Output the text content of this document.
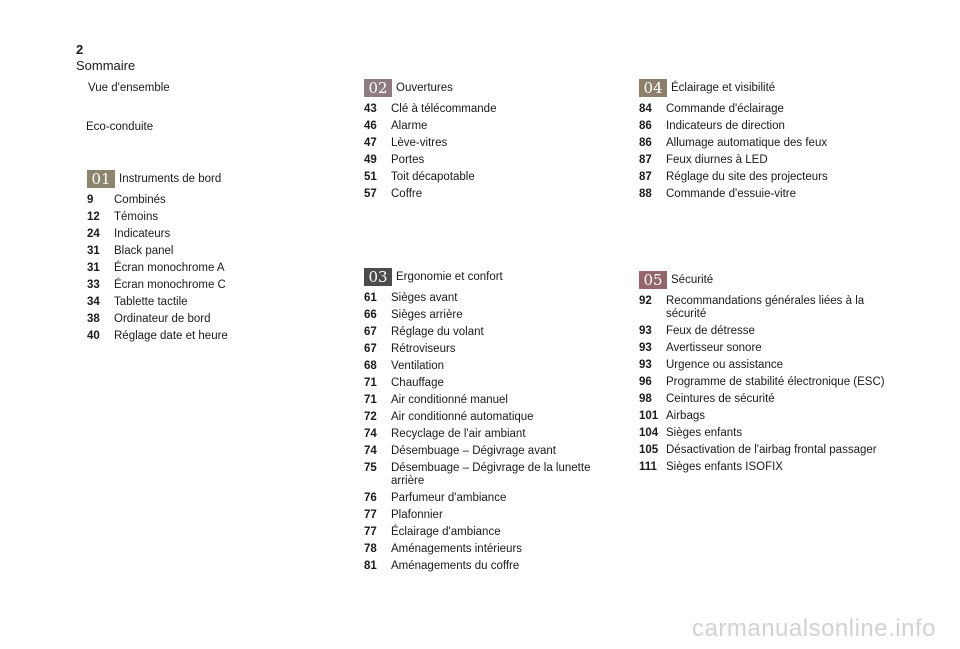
2
Sommaire
Vue d'ensemble
Eco-conduite
01 Instruments de bord
9	Combinés
12	Témoins
24	Indicateurs
31	Black panel
31	Écran monochrome A
33	Écran monochrome C
34	Tablette tactile
38	Ordinateur de bord
40	Réglage date et heure
02 Ouvertures
43	Clé à télécommande
46	Alarme
47	Lève-vitres
49	Portes
51	Toit décapotable
57	Coffre
03 Ergonomie et confort
61	Sièges avant
66	Sièges arrière
67	Réglage du volant
67	Rétroviseurs
68	Ventilation
71	Chauffage
71	Air conditionné manuel
72	Air conditionné automatique
74	Recyclage de l'air ambiant
74	Désembuage – Dégivrage avant
75	Désembuage – Dégivrage de la lunette arrière
76	Parfumeur d'ambiance
77	Plafonnier
77	Éclairage d'ambiance
78	Aménagements intérieurs
81	Aménagements du coffre
04 Éclairage et visibilité
84	Commande d'éclairage
86	Indicateurs de direction
86	Allumage automatique des feux
87	Feux diurnes à LED
87	Réglage du site des projecteurs
88	Commande d'essuie-vitre
05 Sécurité
92	Recommandations générales liées à la sécurité
93	Feux de détresse
93	Avertisseur sonore
93	Urgence ou assistance
96	Programme de stabilité électronique (ESC)
98	Ceintures de sécurité
101 Airbags
104 Sièges enfants
105 Désactivation de l'airbag frontal passager
111 Sièges enfants ISOFIX
carmanualsonline.info
